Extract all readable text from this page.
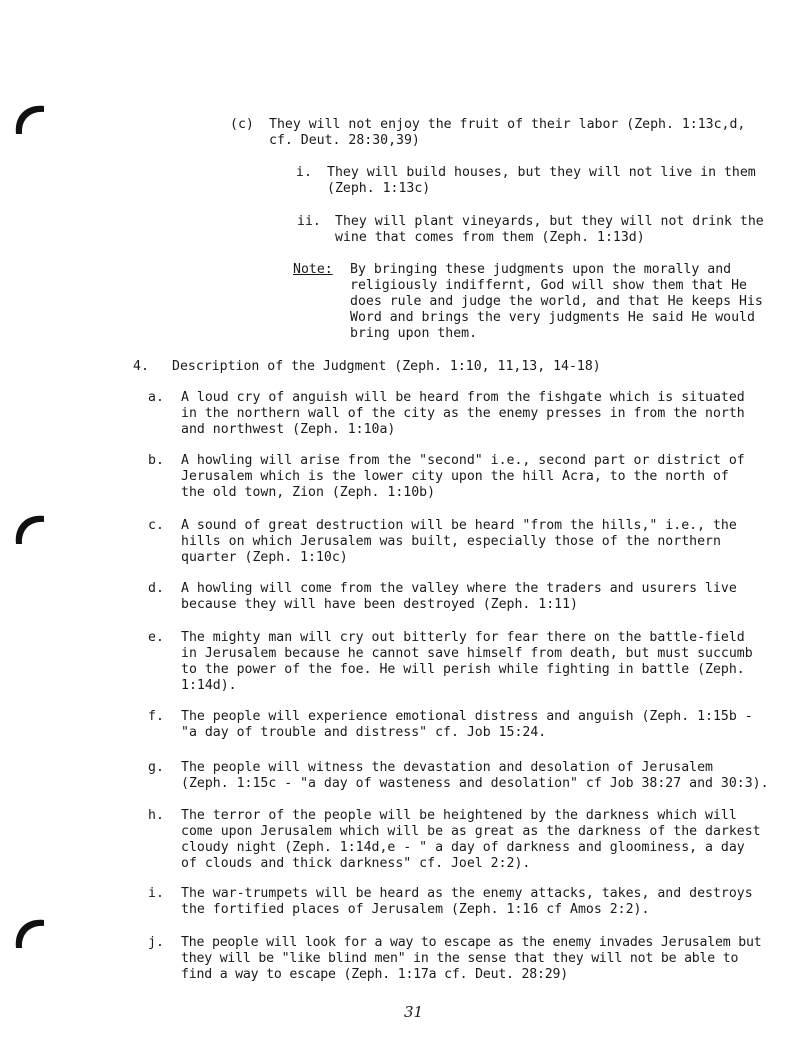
(c) They will not enjoy the fruit of their labor (Zeph. 1:13c,d,
cf. Deut. 28:30,39)
i. They will build houses, but they will not live in them
(Zeph. 1:13c)
ii. They will plant vineyards, but they will not drink the
wine that comes from them (Zeph. 1:13d)
Note: By bringing these judgments upon the morally and
religiously indiffernt, God will show them that He
does rule and judge the world, and that He keeps His
Word and brings the very judgments He said He would
bring upon them.
4. Description of the Judgment (Zeph. 1:10, 11,13, 14-18)
a. A loud cry of anguish will be heard from the fishgate which is situated
in the northern wall of the city as the enemy presses in from the north
and northwest (Zeph. 1:10a)
b. A howling will arise from the "second" i.e., second part or district of
Jerusalem which is the lower city upon the hill Acra, to the north of
the old town, Zion (Zeph. 1:10b)
c. A sound of great destruction will be heard "from the hills," i.e., the
hills on which Jerusalem was built, especially those of the northern
quarter (Zeph. 1:10c)
d. A howling will come from the valley where the traders and usurers live
because they will have been destroyed (Zeph. 1:11)
e. The mighty man will cry out bitterly for fear there on the battle-field
in Jerusalem because he cannot save himself from death, but must succumb
to the power of the foe. He will perish while fighting in battle (Zeph.
1:14d).
f. The people will experience emotional distress and anguish (Zeph. 1:15b -
"a day of trouble and distress" cf. Job 15:24.
g. The people will witness the devastation and desolation of Jerusalem
(Zeph. 1:15c - "a day of wasteness and desolation" cf Job 38:27 and 30:3).
h. The terror of the people will be heightened by the darkness which will
come upon Jerusalem which will be as great as the darkness of the darkest
cloudy night (Zeph. 1:14d,e - " a day of darkness and gloominess, a day
of clouds and thick darkness" cf. Joel 2:2).
i. The war-trumpets will be heard as the enemy attacks, takes, and destroys
the fortified places of Jerusalem (Zeph. 1:16 cf Amos 2:2).
j. The people will look for a way to escape as the enemy invades Jerusalem but
they will be "like blind men" in the sense that they will not be able to
find a way to escape (Zeph. 1:17a cf. Deut. 28:29)
31
